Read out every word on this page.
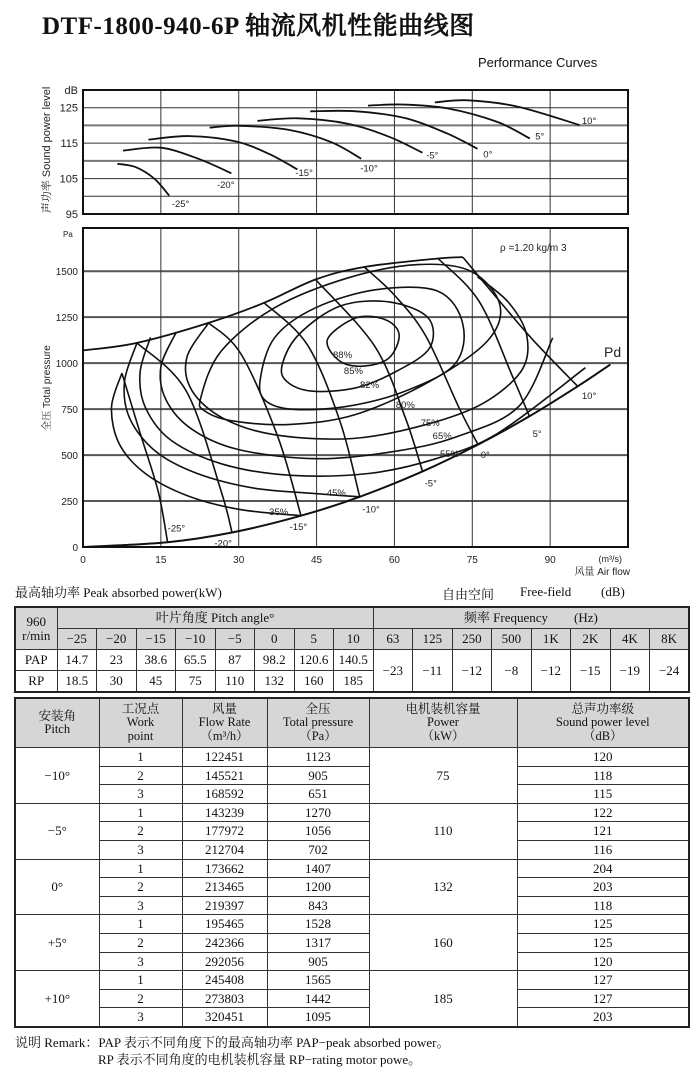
DTF-1800-940-6P 轴流风机性能曲线图
Performance Curves
95
105
115
125
dB
声功率 Sound power level	-25°
-20°
-15°	-10°
-5°	0°
5°
10°
0
250
500
750
1000
1250
1500
0	15	30	45	60	75	90
Pa
全压 Total pressure
(m³/s)
风量 Air flow
ρ =1.20 kg/m 3
Pd
88%
85%
82%
80%
75%
65%
55%
45%
35%
-25°
-20°
-15°
-10°
-5°
0°
5°
10°
最高轴功率 Peak absorbed power(kW)	自由空间 Free-field (dB)
960
r/min	叶片角度 Pitch angle°								频率 Frequency　　(Hz)							
	−25	−20	−15	−10	−5	0	5	10	63	125	250	500	1K	2K	4K	8K
PAP	14.7	23	38.6	65.5	87	98.2	120.6	140.5	−23	−11	−12	−8	−12	−15	−19	−24
RP	18.5	30	45	75	110	132	160	185								
安装角
Pitch	工况点
Work
point	风量
Flow Rate
（m³/h）	全压
Total pressure
（Pa）	电机装机容量
Power
（kW）	总声功率级
Sound power level
（dB）
−10°	1	122451	1123	75	120
	2	145521	905		118
	3	168592	651		115
−5°	1	143239	1270	110	122
	2	177972	1056		121
	3	212704	702		116
0°	1	173662	1407	132	204
	2	213465	1200		203
	3	219397	843		118
+5°	1	195465	1528	160	125
	2	242366	1317		125
	3	292056	905		120
+10°	1	245408	1565	185	127
	2	273803	1442		127
	3	320451	1095		203
说明 Remark：PAP 表示不同角度下的最高轴功率 PAP−peak absorbed power。
RP 表示不同角度的电机装机容量 RP−rating motor powe。
